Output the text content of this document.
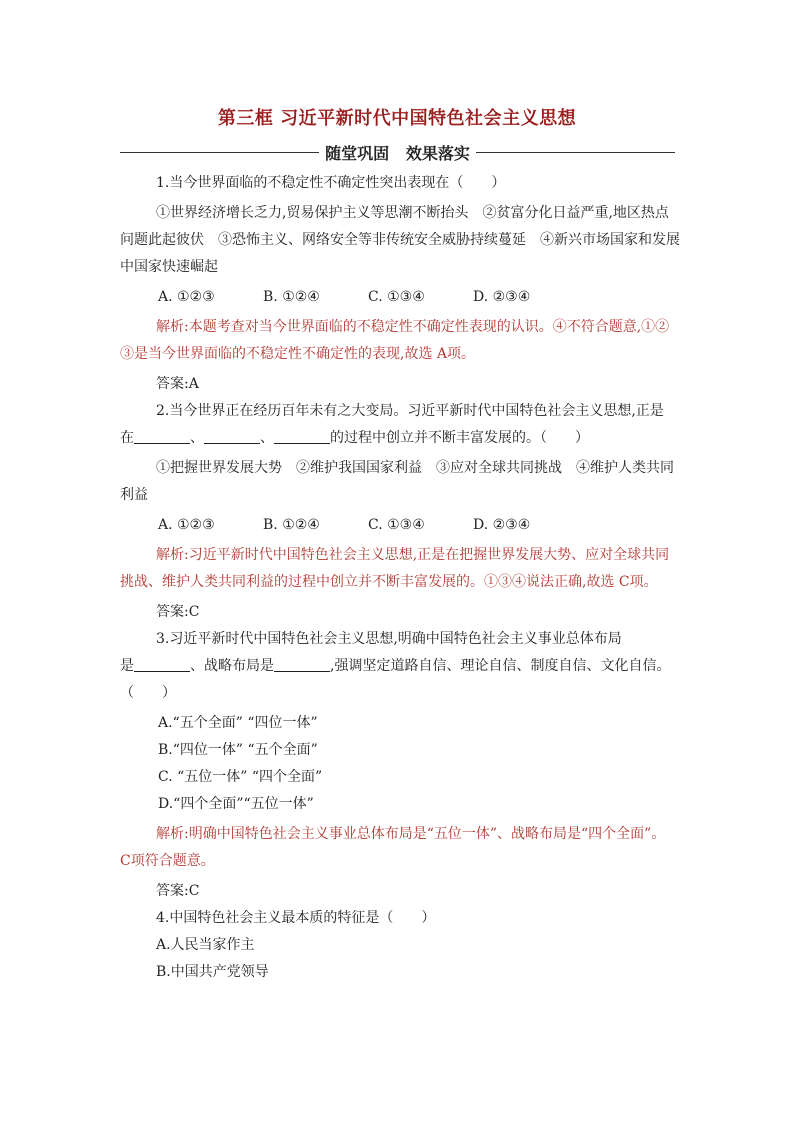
第三框 习近平新时代中国特色社会主义思想
随堂巩固   效果落实
1.当今世界面临的不稳定性不确定性突出表现在（　　）
①世界经济增长乏力,贸易保护主义等思潮不断抬头　②贫富分化日益严重,地区热点
问题此起彼伏　③恐怖主义、网络安全等非传统安全威胁持续蔓延　④新兴市场国家和发展
中国家快速崛起
A. ①②③	B. ①②④	C. ①③④	D. ②③④
解析:本题考查对当今世界面临的不稳定性不确定性表现的认识。④不符合题意,①②
③是当今世界面临的不稳定性不确定性的表现,故选 A项。
答案:A
2.当今世界正在经历百年未有之大变局。习近平新时代中国特色社会主义思想,正是
在	、	、	的过程中创立并不断丰富发展的。（　　）
①把握世界发展大势　②维护我国国家利益　③应对全球共同挑战　④维护人类共同
利益
A. ①②③	B. ①②④	C. ①③④	D. ②③④
解析:习近平新时代中国特色社会主义思想,正是在把握世界发展大势、应对全球共同
挑战、维护人类共同利益的过程中创立并不断丰富发展的。①③④说法正确,故选 C项。
答案:C
3.习近平新时代中国特色社会主义思想,明确中国特色社会主义事业总体布局
是	、战略布局是	,强调坚定道路自信、理论自信、制度自信、文化自信。
（　　）
A.“五个全面” “四位一体”
B.“四位一体” “五个全面”
C. “五位一体” “四个全面”
D.“四个全面”“五位一体”
解析:明确中国特色社会主义事业总体布局是“五位一体”、战略布局是“四个全面”。
C项符合题意。
答案:C
4.中国特色社会主义最本质的特征是（　　）
A.人民当家作主
B.中国共产党领导
